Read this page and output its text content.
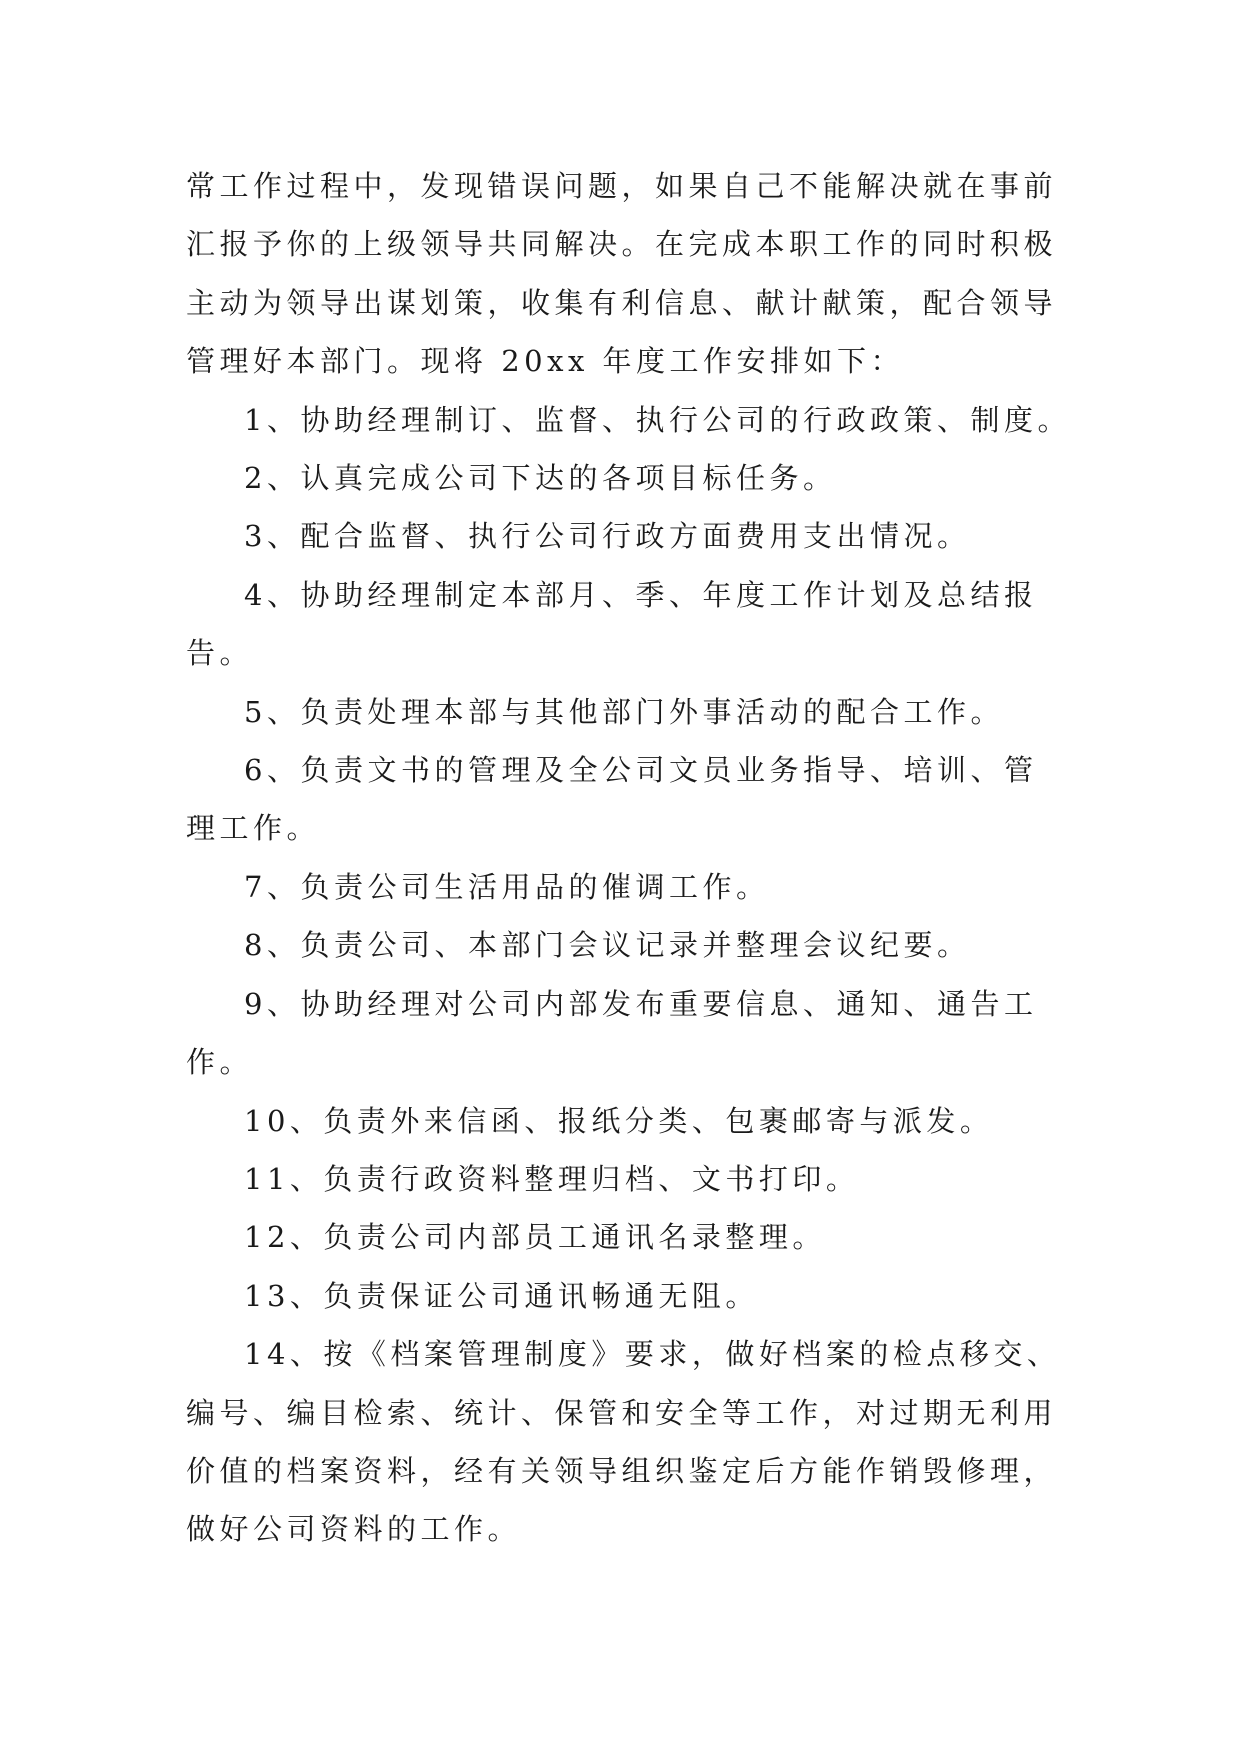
常工作过程中，发现错误问题，如果自己不能解决就在事前
汇报予你的上级领导共同解决。在完成本职工作的同时积极
主动为领导出谋划策，收集有利信息、献计献策，配合领导
管理好本部门。现将 20xx 年度工作安排如下：
1、协助经理制订、监督、执行公司的行政政策、制度。
2、认真完成公司下达的各项目标任务。
3、配合监督、执行公司行政方面费用支出情况。
4、协助经理制定本部月、季、年度工作计划及总结报
告。
5、负责处理本部与其他部门外事活动的配合工作。
6、负责文书的管理及全公司文员业务指导、培训、管
理工作。
7、负责公司生活用品的催调工作。
8、负责公司、本部门会议记录并整理会议纪要。
9、协助经理对公司内部发布重要信息、通知、通告工
作。
10、负责外来信函、报纸分类、包裹邮寄与派发。
11、负责行政资料整理归档、文书打印。
12、负责公司内部员工通讯名录整理。
13、负责保证公司通讯畅通无阻。
14、按《档案管理制度》要求，做好档案的检点移交、
编号、编目检索、统计、保管和安全等工作，对过期无利用
价值的档案资料，经有关领导组织鉴定后方能作销毁修理，
做好公司资料的工作。
